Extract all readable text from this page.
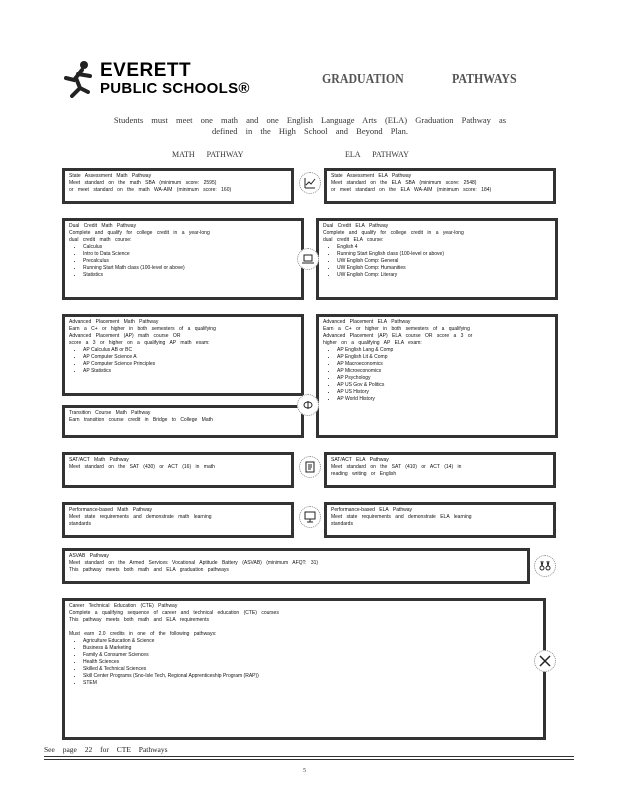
EVERETT
PUBLIC SCHOOLS®
GRADUATION	PATHWAYS
Students must meet one math and one English Language Arts (ELA) Graduation Pathway as defined in the High School and Beyond Plan.
MATH PATHWAY	ELA PATHWAY
State Assessment Math Pathway
Meet standard on the math SBA (minimum score: 2595)
or meet standard on the math WA-AIM (minimum score: 160)
State Assessment ELA Pathway
Meet standard on the ELA SBA (minimum score: 2548)
or meet standard on the ELA WA-AIM (minimum score: 184)
Dual Credit Math Pathway
Complete and qualify for college credit in a year-long
dual credit math course:
• Calculus
• Intro to Data Science
• Precalculus
• Running Start Math class (100-level or above)
• Statistics
Dual Credit ELA Pathway
Complete and qualify for college credit in a year-long
dual credit ELA course:
• English 4
• Running Start English class (100-level or above)
• UW English Comp: General
• UW English Comp: Humanities
• UW English Comp: Literary
Advanced Placement Math Pathway
Earn a C+ or higher in both semesters of a qualifying
Advanced Placement (AP) math course OR
score a 3 or higher on a qualifying AP math exam:
• AP Calculus AB or BC
• AP Computer Science A
• AP Computer Science Principles
• AP Statistics
Advanced Placement ELA Pathway
Earn a C+ or higher in both semesters of a qualifying
Advanced Placement (AP) ELA course OR score a 3 or
higher on a qualifying AP ELA exam:
• AP English Lang & Comp
• AP English Lit & Comp
• AP Macroeconomics
• AP Microeconomics
• AP Psychology
• AP US Gov & Politics
• AP US History
• AP World History
Transition Course Math Pathway
Earn transition course credit in Bridge to College Math
SAT/ACT Math Pathway
Meet standard on the SAT (430) or ACT (16) in math
SAT/ACT ELA Pathway
Meet standard on the SAT (410) or ACT (14) in
reading writing or English
Performance-based Math Pathway
Meet state requirements and demonstrate math learning
standards
Performance-based ELA Pathway
Meet state requirements and demonstrate ELA learning
standards
ASVAB Pathway
Meet standard on the Armed Services Vocational Aptitude Battery (ASVAB) (minimum AFQT: 31)
This pathway meets both math and ELA graduation pathways
Career Technical Education (CTE) Pathway
Complete a qualifying sequence of career and technical education (CTE) courses
This pathway meets both math and ELA requirements
Must earn 2.0 credits in one of the following pathways:
• Agriculture Education & Science
• Business & Marketing
• Family & Consumer Sciences
• Health Sciences
• Skilled & Technical Sciences
• Skill Center Programs (Sno-Isle Tech, Regional Apprenticeship Program (RAP))
• STEM
See page 22 for CTE Pathways
5
